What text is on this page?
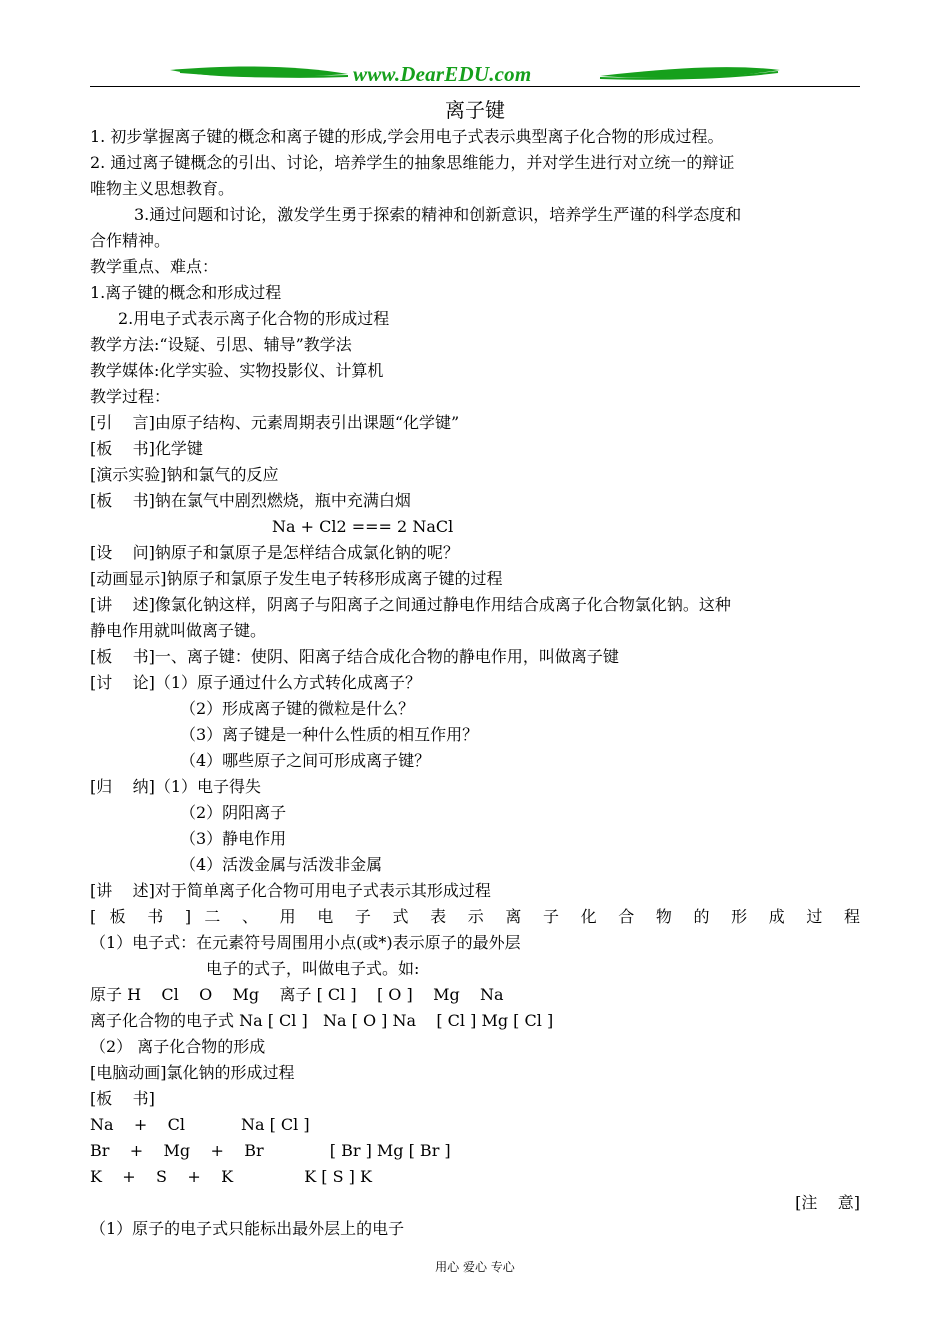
www.DearEDU.com
离子键
1. 初步掌握离子键的概念和离子键的形成,学会用电子式表示典型离子化合物的形成过程。
2. 通过离子键概念的引出、讨论，培养学生的抽象思维能力，并对学生进行对立统一的辩证
唯物主义思想教育。
3.通过问题和讨论，激发学生勇于探索的精神和创新意识，培养学生严谨的科学态度和
合作精神。
教学重点、难点：
1.离子键的概念和形成过程
2.用电子式表示离子化合物的形成过程
教学方法:“设疑、引思、辅导”教学法
教学媒体:化学实验、实物投影仪、计算机
教学过程：
[引    言]由原子结构、元素周期表引出课题“化学键”
[板    书]化学键
[演示实验]钠和氯气的反应
[板    书]钠在氯气中剧烈燃烧，瓶中充满白烟
Na + Cl2 === 2 NaCl
[设    问]钠原子和氯原子是怎样结合成氯化钠的呢？
[动画显示]钠原子和氯原子发生电子转移形成离子键的过程
[讲    述]像氯化钠这样，阴离子与阳离子之间通过静电作用结合成离子化合物氯化钠。这种
静电作用就叫做离子键。
[板    书]一、离子键：使阴、阳离子结合成化合物的静电作用，叫做离子键
[讨    论]（1）原子通过什么方式转化成离子？
（2）形成离子键的微粒是什么？
（3）离子键是一种什么性质的相互作用？
（4）哪些原子之间可形成离子键？
[归    纳]（1）电子得失
（2）阴阳离子
（3）静电作用
（4）活泼金属与活泼非金属
[讲    述]对于简单离子化合物可用电子式表示其形成过程
[ 板 书 ] 二 、 用 电 子 式 表 示 离 子 化 合 物 的 形 成 过 程
（1）电子式：在元素符号周围用小点(或*)表示原子的最外层
电子的式子，叫做电子式。如:
原子 H    Cl    O    Mg    离子 [ Cl ]    [ O ]    Mg    Na
离子化合物的电子式 Na [ Cl ]   Na [ O ] Na    [ Cl ] Mg [ Cl ]
（2） 离子化合物的形成
[电脑动画]氯化钠的形成过程
[板    书]
Na    +    Cl           Na [ Cl ]
Br    +    Mg    +    Br             [ Br ] Mg [ Br ]
K    +    S    +    K              K [ S ] K
[注    意]
（1）原子的电子式只能标出最外层上的电子
用心 爱心 专心
